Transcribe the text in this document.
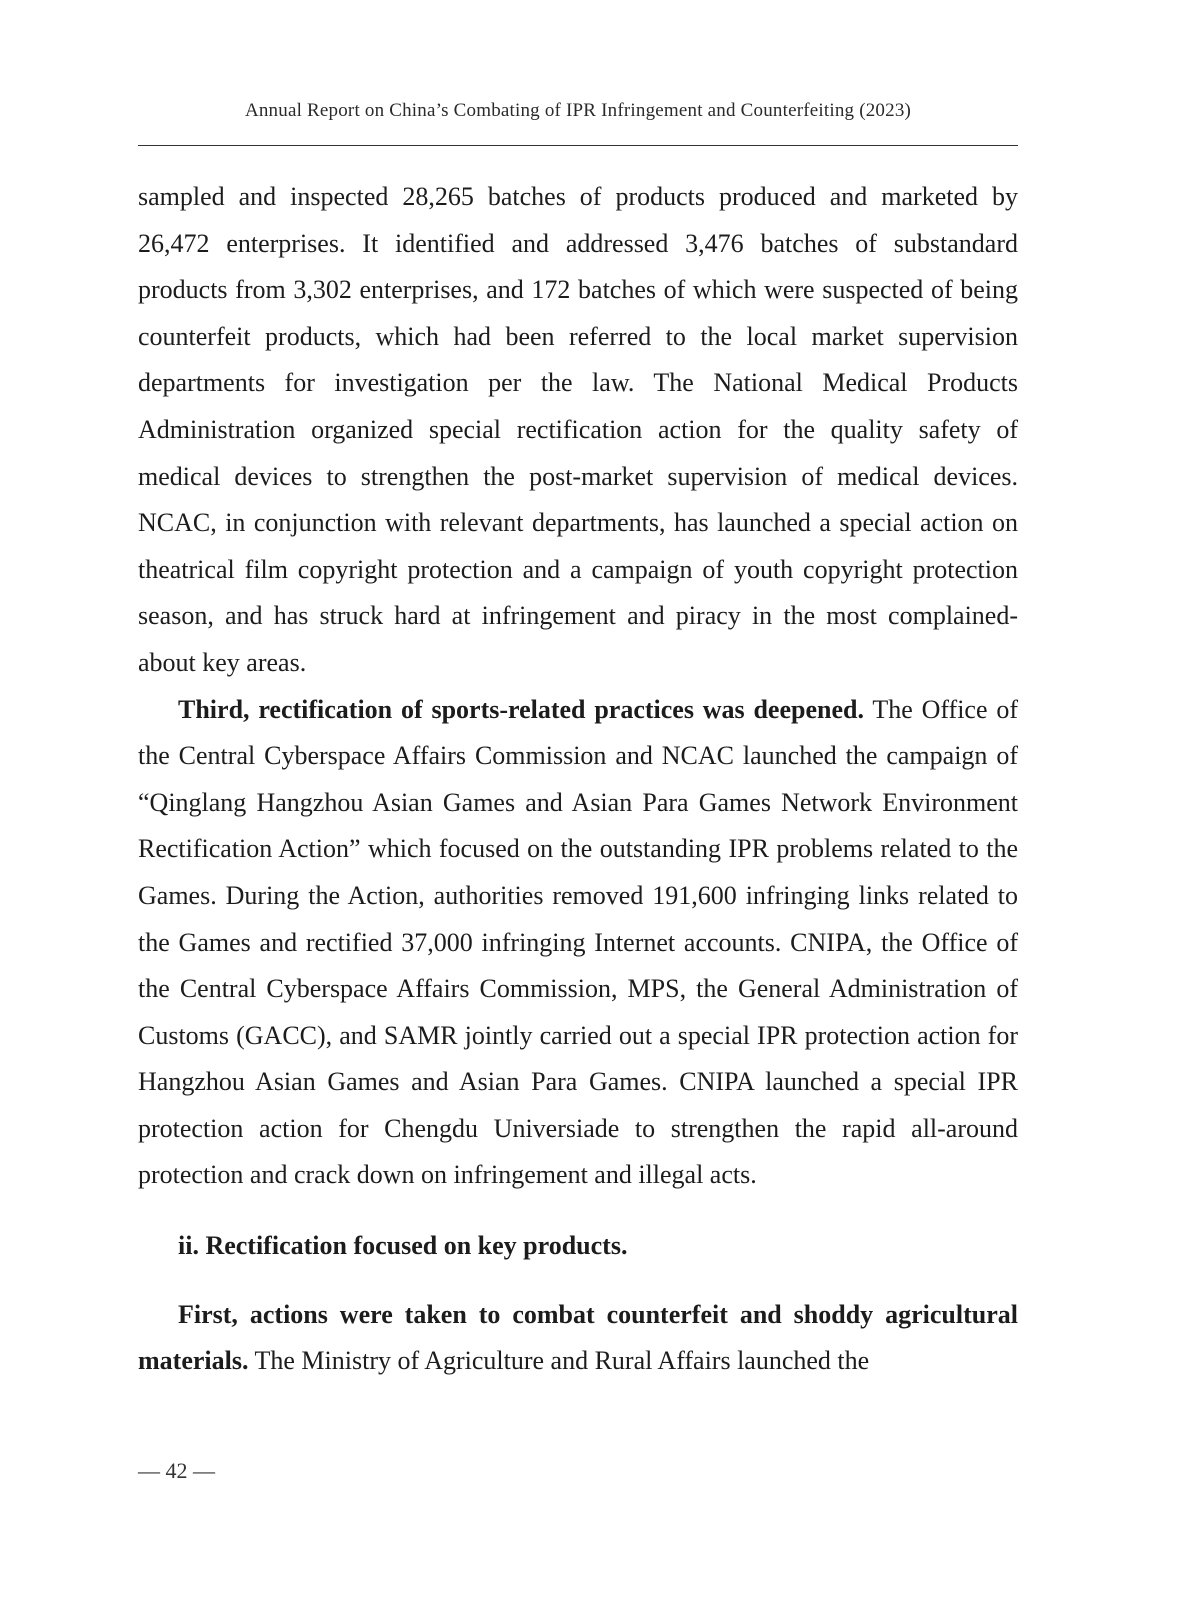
Annual Report on China’s Combating of IPR Infringement and Counterfeiting (2023)

sampled and inspected 28,265 batches of products produced and marketed by 26,472 enterprises. It identified and addressed 3,476 batches of substandard products from 3,302 enterprises, and 172 batches of which were suspected of being counterfeit products, which had been referred to the local market supervision departments for investigation per the law. The National Medical Products Administration organized special rectification action for the quality safety of medical devices to strengthen the post-market supervision of medical devices. NCAC, in conjunction with relevant departments, has launched a special action on theatrical film copyright protection and a campaign of youth copyright protection season, and has struck hard at infringement and piracy in the most complained-about key areas.

Third, rectification of sports-related practices was deepened. The Office of the Central Cyberspace Affairs Commission and NCAC launched the campaign of “Qinglang Hangzhou Asian Games and Asian Para Games Network Environment Rectification Action” which focused on the outstanding IPR problems related to the Games. During the Action, authorities removed 191,600 infringing links related to the Games and rectified 37,000 infringing Internet accounts. CNIPA, the Office of the Central Cyberspace Affairs Commission, MPS, the General Administration of Customs (GACC), and SAMR jointly carried out a special IPR protection action for Hangzhou Asian Games and Asian Para Games. CNIPA launched a special IPR protection action for Chengdu Universiade to strengthen the rapid all-around protection and crack down on infringement and illegal acts.

ii. Rectification focused on key products.

First, actions were taken to combat counterfeit and shoddy agricultural materials. The Ministry of Agriculture and Rural Affairs launched the

— 42 —
